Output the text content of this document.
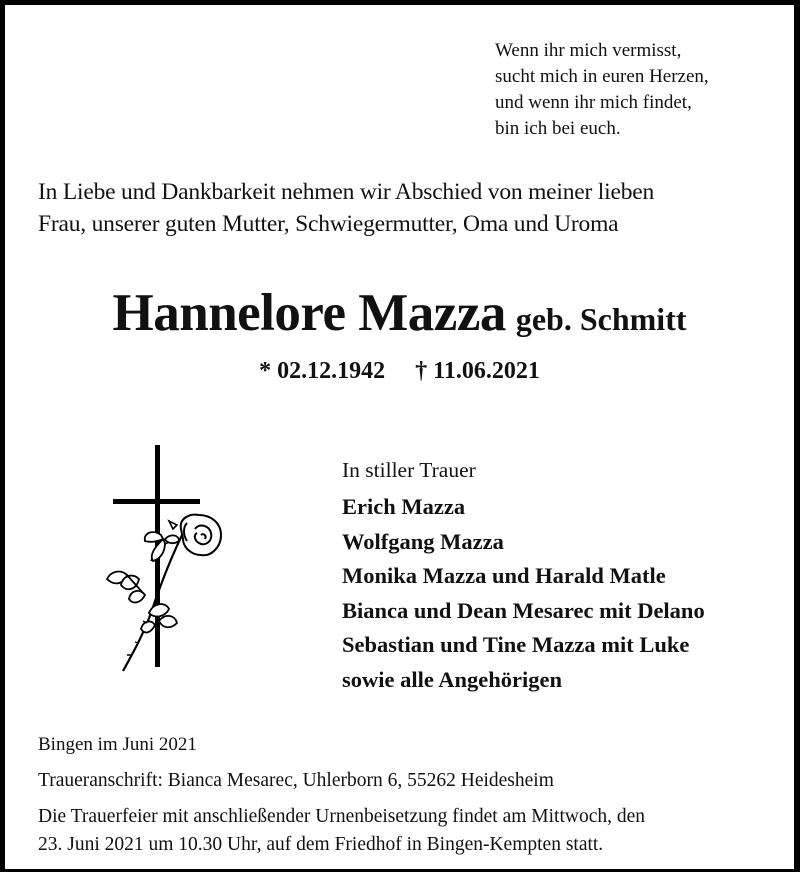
Wenn ihr mich vermisst,
sucht mich in euren Herzen,
und wenn ihr mich findet,
bin ich bei euch.
In Liebe und Dankbarkeit nehmen wir Abschied von meiner lieben
Frau, unserer guten Mutter, Schwiegermutter, Oma und Uroma
Hannelore Mazza geb. Schmitt
* 02.12.1942 † 11.06.2021
In stiller Trauer
Erich Mazza
Wolfgang Mazza
Monika Mazza und Harald Matle
Bianca und Dean Mesarec mit Delano
Sebastian und Tine Mazza mit Luke
sowie alle Angehörigen
Bingen im Juni 2021
Traueranschrift: Bianca Mesarec, Uhlerborn 6, 55262 Heidesheim
Die Trauerfeier mit anschließender Urnenbeisetzung findet am Mittwoch, den
23. Juni 2021 um 10.30 Uhr, auf dem Friedhof in Bingen-Kempten statt.
